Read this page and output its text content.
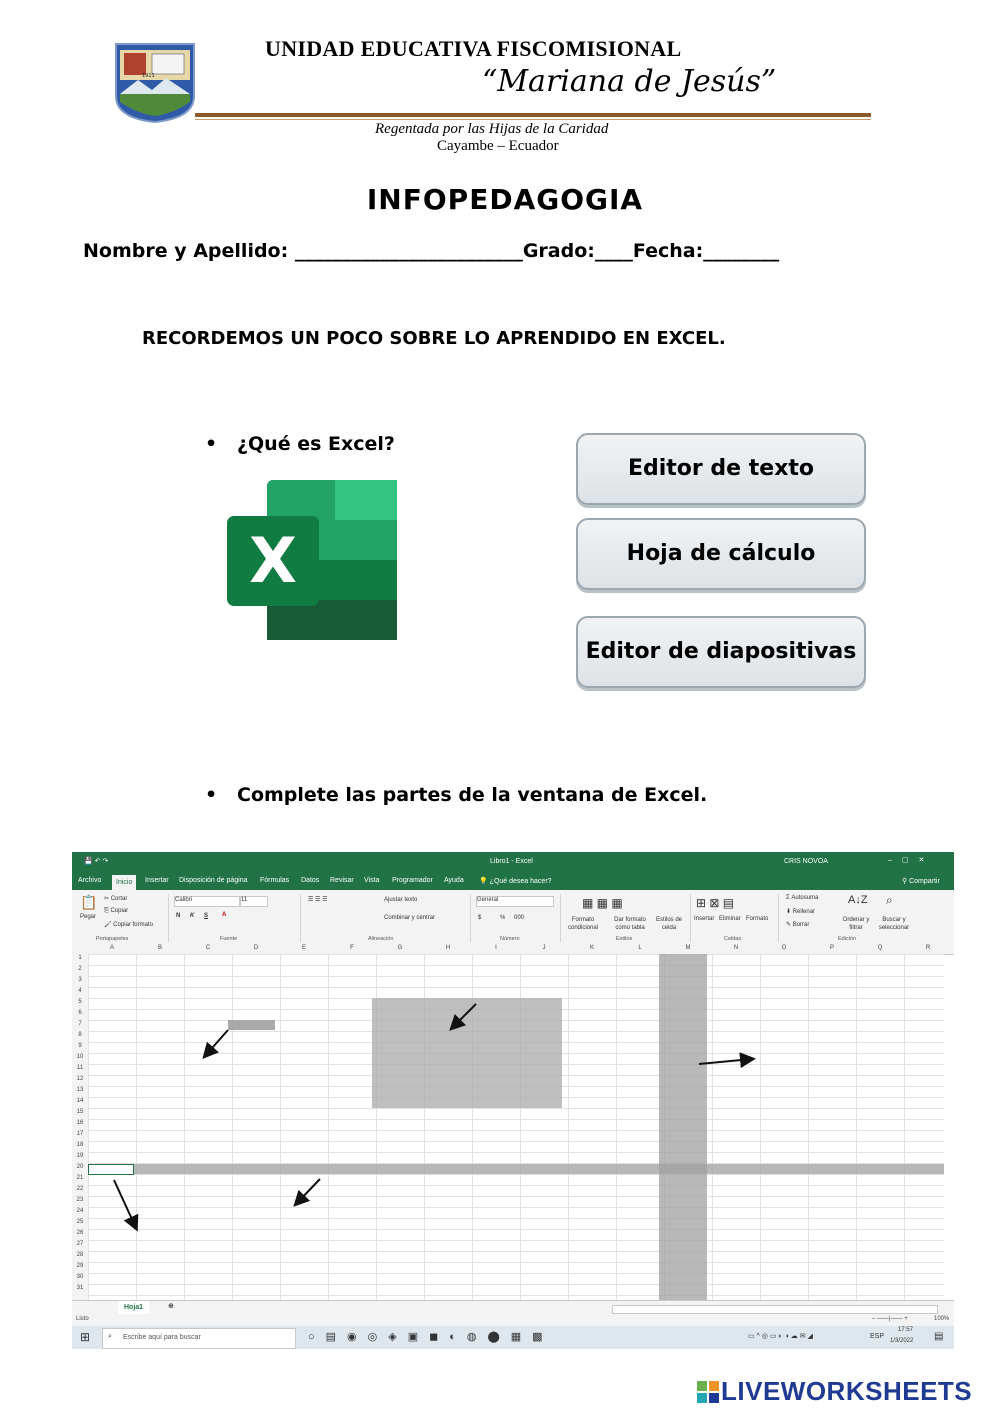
1911
UNIDAD EDUCATIVA FISCOMISIONAL
“Mariana de Jesús”
Regentada por las Hijas de la Caridad
Cayambe – Ecuador
INFOPEDAGOGIA
Nombre y Apellido: ________________________Grado:____Fecha:________
RECORDEMOS UN POCO SOBRE LO APRENDIDO EN EXCEL.
•   ¿Qué es Excel?
X
Editor de texto
Hoja de cálculo
Editor de diapositivas
•   Complete las partes de la ventana de Excel.
💾 ↶ ↷	Libro1 - Excel	CRIS NOVOA	–▢✕
Archivo	Inicio	Insertar Disposición de página Fórmulas Datos Revisar Vista Programador Ayuda 💡 ¿Qué desea hacer?	⚲ Compartir
📋
Pegar
✂ Cortar
⎘ Copiar
🖌 Copiar formato
Portapapeles
Calibri	11
N K S A
Fuente
☰ ☰ ☰	Ajustar texto
Combinar y centrar
Alineación
General
$	% 000
Número
Formato condicional
Dar formato como tabla
Estilos de celda
▦ ▦ ▦
Estilos
⊞ ⊠ ▤
Insertar Eliminar Formato
Celdas
Σ Autosuma
⬇ Rellenar
✎ Borrar
Ordenar y filtrar
Buscar y seleccionar
A↓Z ⌕
Edición
A	B	C	D	E	F	G	H	I	J	K	L	M	N	O	P	Q	R
1
2
3
4
5
6
7
8
9
10
11
12
13
14
15
16
17
18
19
20
21
22
23
24
25
26
27
28
29
30
31
Hoja1	⊕
Listo	– ——|—— +	100%
⊞	⌕ Escribe aquí para buscar	○▤◉◎◈▣◼◐◍⬤▦▩	▭ ^ ◎ ▭ ◐ ◑ ☁ ✉ ◢	ESP
17:57
1/3/2022 ▤
LIVEWORKSHEETS
